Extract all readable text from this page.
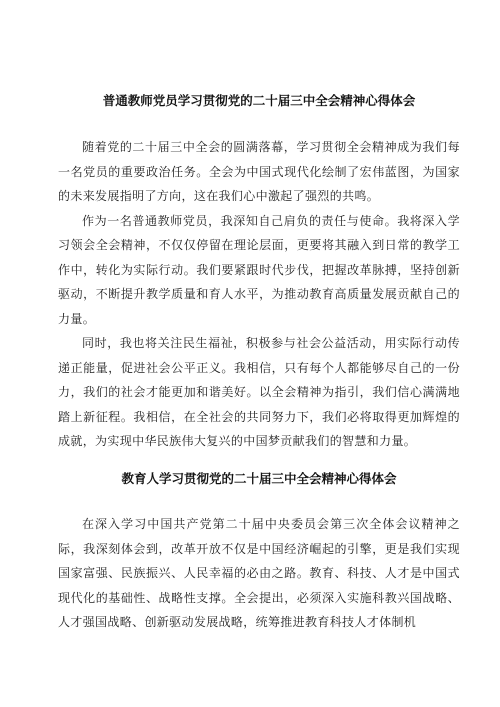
普通教师党员学习贯彻党的二十届三中全会精神心得体会

随着党的二十届三中全会的圆满落幕，学习贯彻全会精神成为我们每一名党员的重要政治任务。全会为中国式现代化绘制了宏伟蓝图，为国家的未来发展指明了方向，这在我们心中激起了强烈的共鸣。

作为一名普通教师党员，我深知自己肩负的责任与使命。我将深入学习领会全会精神，不仅仅停留在理论层面，更要将其融入到日常的教学工作中，转化为实际行动。我们要紧跟时代步伐，把握改革脉搏，坚持创新驱动，不断提升教学质量和育人水平，为推动教育高质量发展贡献自己的力量。

同时，我也将关注民生福祉，积极参与社会公益活动，用实际行动传递正能量，促进社会公平正义。我相信，只有每个人都能够尽自己的一份力，我们的社会才能更加和谐美好。以全会精神为指引，我们信心满满地踏上新征程。我相信，在全社会的共同努力下，我们必将取得更加辉煌的成就，为实现中华民族伟大复兴的中国梦贡献我们的智慧和力量。

教育人学习贯彻党的二十届三中全会精神心得体会

在深入学习中国共产党第二十届中央委员会第三次全体会议精神之际，我深刻体会到，改革开放不仅是中国经济崛起的引擎，更是我们实现国家富强、民族振兴、人民幸福的必由之路。教育、科技、人才是中国式现代化的基础性、战略性支撑。全会提出，必须深入实施科教兴国战略、人才强国战略、创新驱动发展战略，统筹推进教育科技人才体制机
